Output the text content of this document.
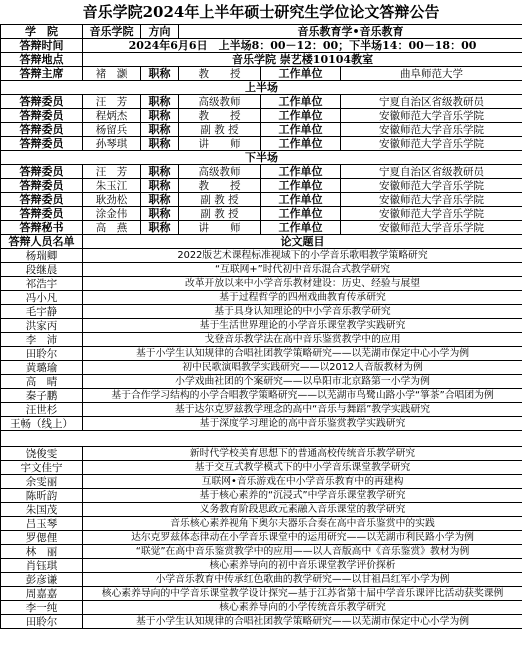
音乐学院2024年上半年硕士研究生学位论文答辩公告
学　院	音乐学院	方向	音乐教育学•音乐教育		
答辩时间	2024年6月6日　上半场8：00－12：00；下半场14：00－18：00				
答辩地点	音乐学院 崇艺楼10104教室				
答辩主席	褚　灏	职称	教　　授	工作单位	曲阜师范大学
上半场					
答辩委员	汪　芳	职称	高级教师	工作单位	宁夏自治区省级教研员
答辩委员	程炳杰	职称	教　　授	工作单位	安徽师范大学音乐学院
答辩委员	杨留兵	职称	副 教 授	工作单位	安徽师范大学音乐学院
答辩委员	孙琴琪	职称	讲　　师	工作单位	安徽师范大学音乐学院
下半场					
答辩委员	汪　芳	职称	高级教师	工作单位	宁夏自治区省级教研员
答辩委员	朱玉江	职称	教　　授	工作单位	安徽师范大学音乐学院
答辩委员	耿劲松	职称	副 教 授	工作单位	安徽师范大学音乐学院
答辩委员	涂金伟	职称	副 教 授	工作单位	安徽师范大学音乐学院
答辩秘书	高　燕	职称	讲　　师	工作单位	安徽师范大学音乐学院
答辩人员名单	论文题目				
杨瑞卿	2022版艺术课程标准视域下的小学音乐歌唱教学策略研究				
段继晨	“互联网+”时代初中音乐混合式教学研究				
祁浩宇	改革开放以来中小学音乐教材建设：历史、经验与展望				
冯小凡	基于过程哲学的四州戏曲教育传承研究				
毛宇静	基于具身认知理论的中小学音乐教学研究				
洪家丙	基于生活世界理论的小学音乐课堂教学实践研究				
李　沛	戈登音乐教学法在高中音乐鉴赏教学中的应用				
田聆尔	基于小学生认知规律的合唱社团教学策略研究——以芜湖市保定中心小学为例				
黄璐瑜	初中民歌演唱教学实践研究——以2012人音版教材为例				
高　晴	小学戏曲社团的个案研究——以阜阳市北京路第一小学为例				
秦子鹏	基于合作学习结构的小学合唱教学策略研究——以芜湖市鸟鹭山路小学“箏茶”合唱团为例				
汪世杉	基于达尔克罗兹教学理念的高中“音乐与舞蹈”教学实践研究				
王畅（线上）	基于深度学习理论的高中音乐鉴赏教学实践研究				

饶俊雯	新时代学校美育思想下的普通高校传统音乐教学研究				
宇文佳宁	基于交互式教学模式下的中小学音乐课堂教学研究				
余雯丽	互联网•音乐游戏在中小学音乐教育中的再建构				
陈昕韵	基于核心素养的“沉浸式”中学音乐课堂教学研究				
朱国茂	义务教育阶段思政元素融入音乐课堂的教学研究				
吕玉琴	音乐核心素养视角下奥尔夫器乐合奏在高中音乐鉴赏中的实践				
罗偲俚	达尔克罗兹体态律动在小学音乐课堂中的运用研究——以芜湖市利民路小学为例				
林　丽	“联觉”在高中音乐鉴赏教学中的应用——以人音版高中《音乐鉴赏》教材为例				
肖钰琪	核心素养导向的初中音乐课堂教学评价探析				
彭彦谦	小学音乐教育中传承红色歌曲的教学研究——以甘祖昌红军小学为例				
周嘉嘉	核心素养导向的中学音乐课堂教学设计探究—基于江苏省第十届中学音乐课评比活动获奖课例				
李一纯	核心素养导向的小学传统音乐教学研究				
田聆尔	基于小学生认知规律的合唱社团教学策略研究——以芜湖市保定中心小学为例				
